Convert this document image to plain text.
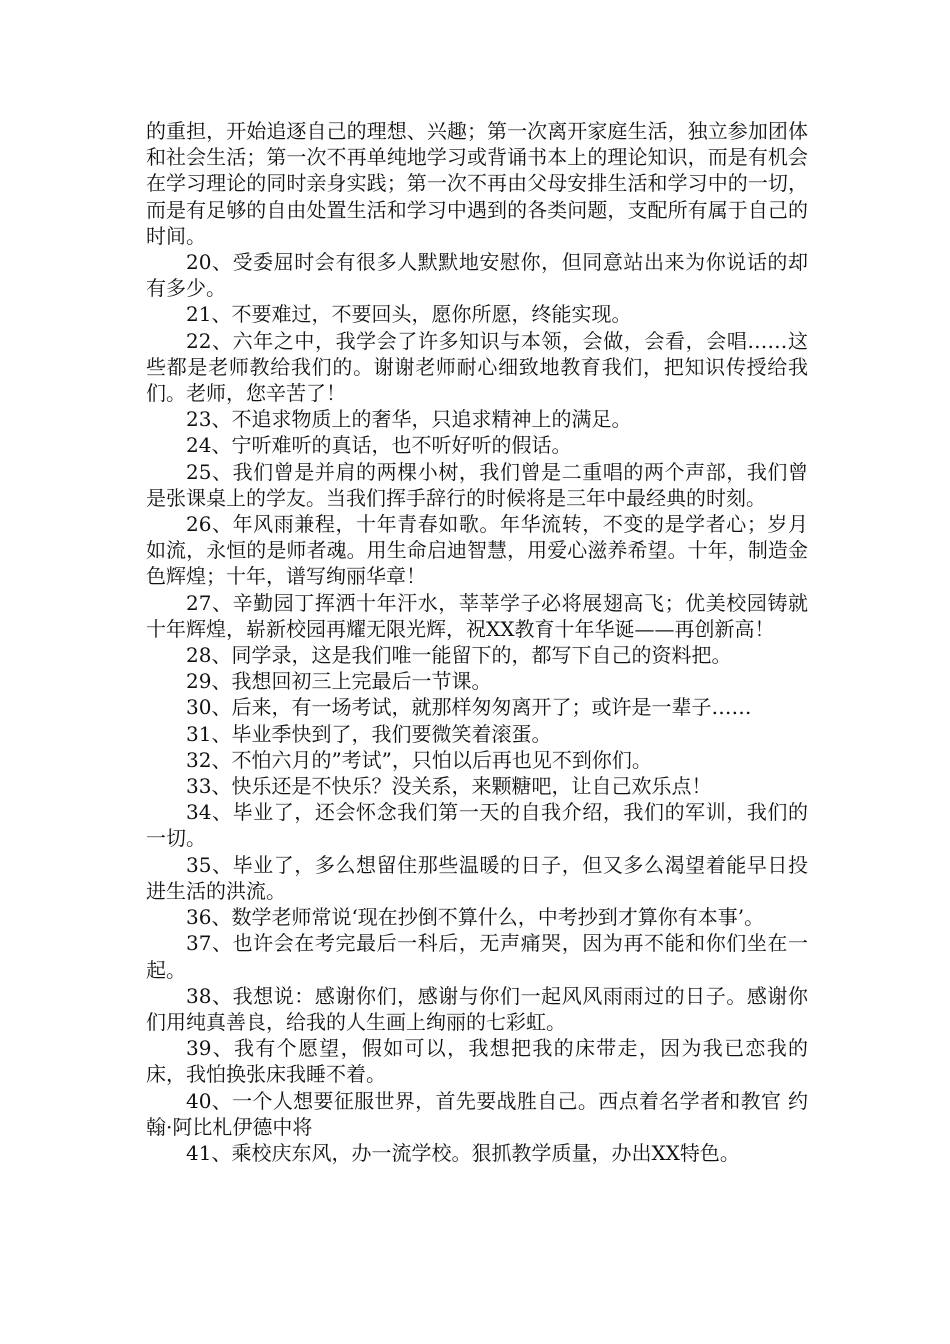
的重担，开始追逐自己的理想、兴趣；第一次离开家庭生活，独立参加团体和社会生活；第一次不再单纯地学习或背诵书本上的理论知识，而是有机会在学习理论的同时亲身实践；第一次不再由父母安排生活和学习中的一切，而是有足够的自由处置生活和学习中遇到的各类问题，支配所有属于自己的时间。

20、受委屈时会有很多人默默地安慰你，但同意站出来为你说话的却有多少。

21、不要难过，不要回头，愿你所愿，终能实现。

22、六年之中，我学会了许多知识与本领，会做，会看，会唱……这些都是老师教给我们的。谢谢老师耐心细致地教育我们，把知识传授给我们。老师，您辛苦了！

23、不追求物质上的奢华，只追求精神上的满足。

24、宁听难听的真话，也不听好听的假话。

25、我们曾是并肩的两棵小树，我们曾是二重唱的两个声部，我们曾是张课桌上的学友。当我们挥手辞行的时候将是三年中最经典的时刻。

26、年风雨兼程，十年青春如歌。年华流转，不变的是学者心；岁月如流，永恒的是师者魂。用生命启迪智慧，用爱心滋养希望。十年，制造金色辉煌；十年，谱写绚丽华章！

27、辛勤园丁挥洒十年汗水，莘莘学子必将展翅高飞；优美校园铸就十年辉煌，崭新校园再耀无限光辉，祝XX教育十年华诞——再创新高！

28、同学录，这是我们唯一能留下的，都写下自己的资料把。

29、我想回初三上完最后一节课。

30、后来，有一场考试，就那样匆匆离开了；或许是一辈子……

31、毕业季快到了，我们要微笑着滚蛋。

32、不怕六月的”考试”，只怕以后再也见不到你们。

33、快乐还是不快乐？没关系，来颗糖吧，让自己欢乐点！

34、毕业了，还会怀念我们第一天的自我介绍，我们的军训，我们的一切。

35、毕业了，多么想留住那些温暖的日子，但又多么渴望着能早日投进生活的洪流。

36、数学老师常说‘现在抄倒不算什么，中考抄到才算你有本事’。

37、也许会在考完最后一科后，无声痛哭，因为再不能和你们坐在一起。

38、我想说：感谢你们，感谢与你们一起风风雨雨过的日子。感谢你们用纯真善良，给我的人生画上绚丽的七彩虹。

39、我有个愿望，假如可以，我想把我的床带走，因为我已恋我的床，我怕换张床我睡不着。

40、一个人想要征服世界，首先要战胜自己。西点着名学者和教官 约翰·阿比札伊德中将

41、乘校庆东风，办一流学校。狠抓教学质量，办出XX特色。
